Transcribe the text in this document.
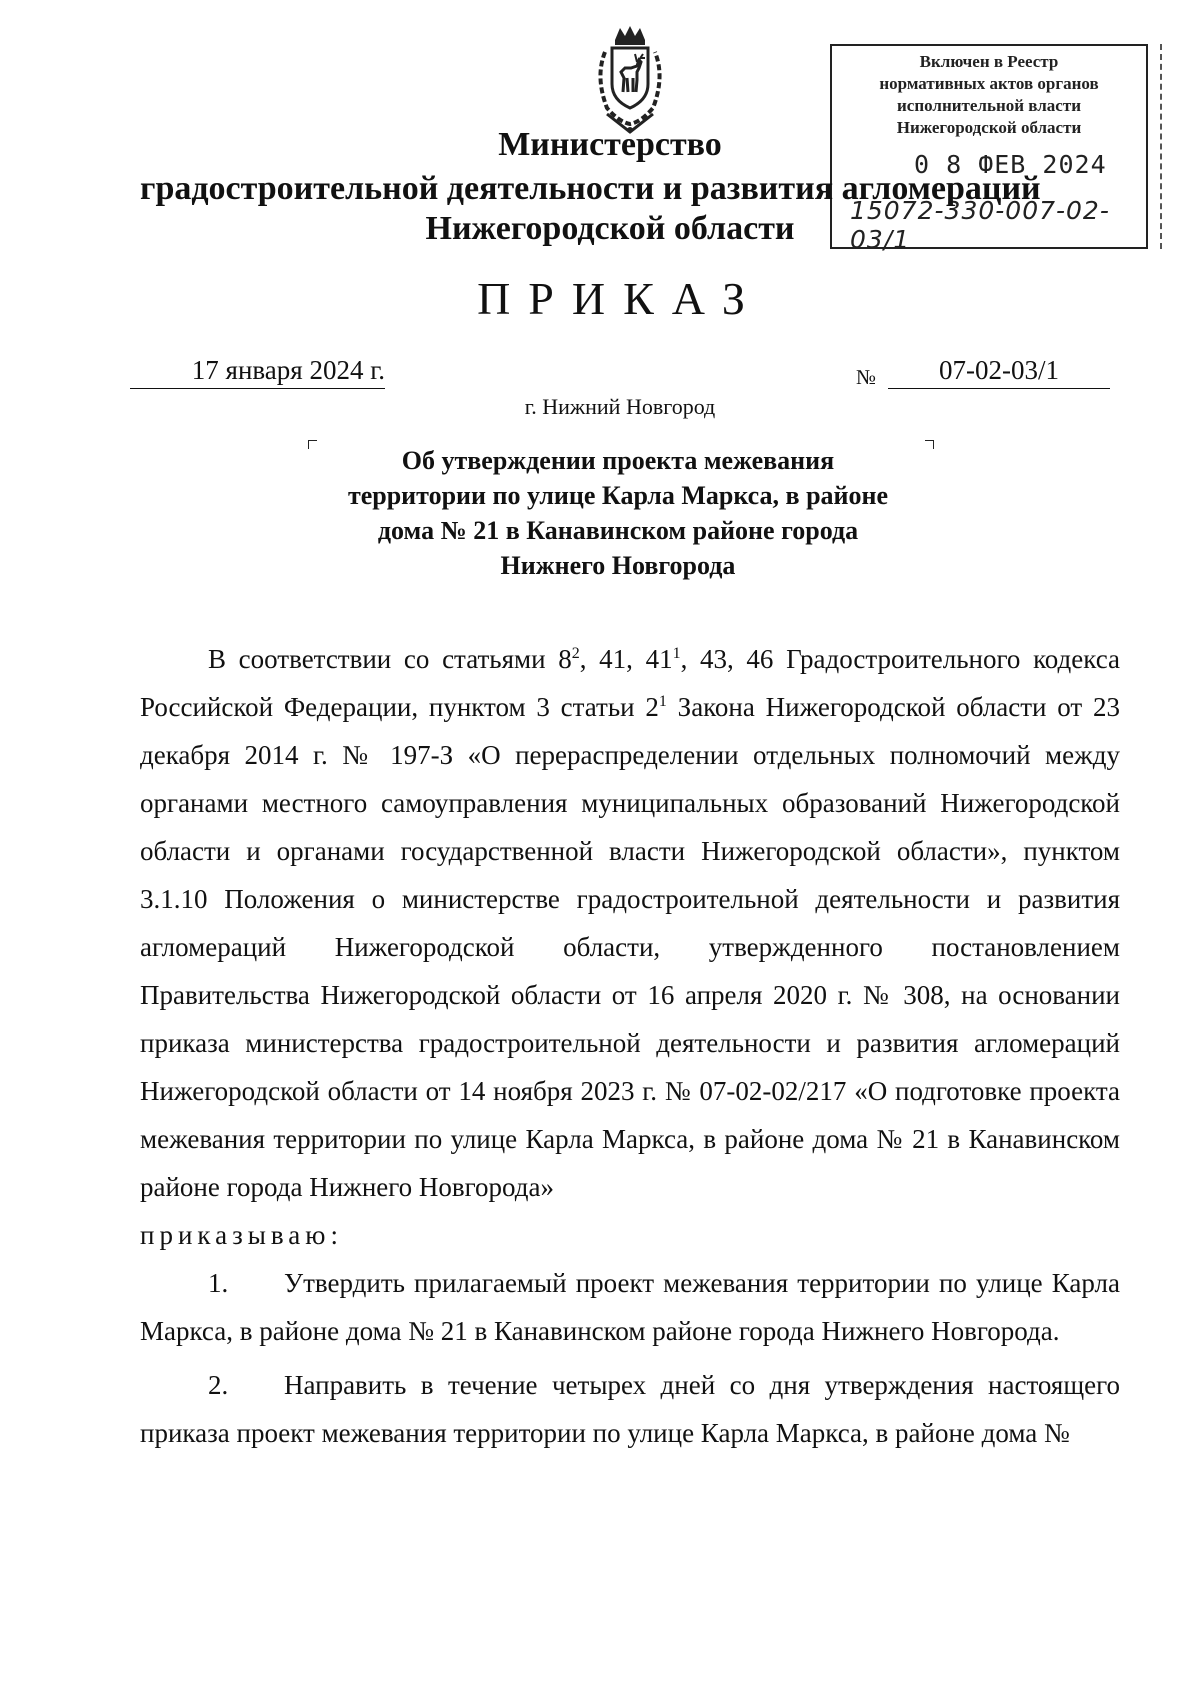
Включен в Реестр
нормативных актов органов
исполнительной власти
Нижегородской области
0 8 ФЕВ 2024
15072-330-007-02-03/1
Министерство
градостроительной деятельности и развития агломераций
Нижегородской области
ПРИКАЗ
17 января 2024 г.	№	07-02-03/1
г. Нижний Новгород
Об утверждении проекта межевания
территории по улице Карла Маркса, в районе
дома № 21 в Канавинском районе города
Нижнего Новгорода

В соответствии со статьями $8^2$, 41, $41^1$, 43, 46 Градостроительного кодекса Российской Федерации, пунктом 3 статьи $2^1$ Закона Нижегородской области от 23 декабря 2014 г. № 197-З «О перераспределении отдельных полномочий между органами местного самоуправления муниципальных образований Нижегородской области и органами государственной власти Нижегородской области», пунктом 3.1.10 Положения о министерстве градостроительной деятельности и развития агломераций Нижегородской области, утвержденного постановлением Правительства Нижегородской области от 16 апреля 2020 г. № 308, на основании приказа министерства градостроительной деятельности и развития агломераций Нижегородской области от 14 ноября 2023 г. № 07-02-02/217 «О подготовке проекта межевания территории по улице Карла Маркса, в районе дома № 21 в Канавинском районе города Нижнего Новгорода»

приказываю:

1. Утвердить прилагаемый проект межевания территории по улице Карла Маркса, в районе дома № 21 в Канавинском районе города Нижнего Новгорода.

2. Направить в течение четырех дней со дня утверждения настоящего приказа проект межевания территории по улице Карла Маркса, в районе дома №
